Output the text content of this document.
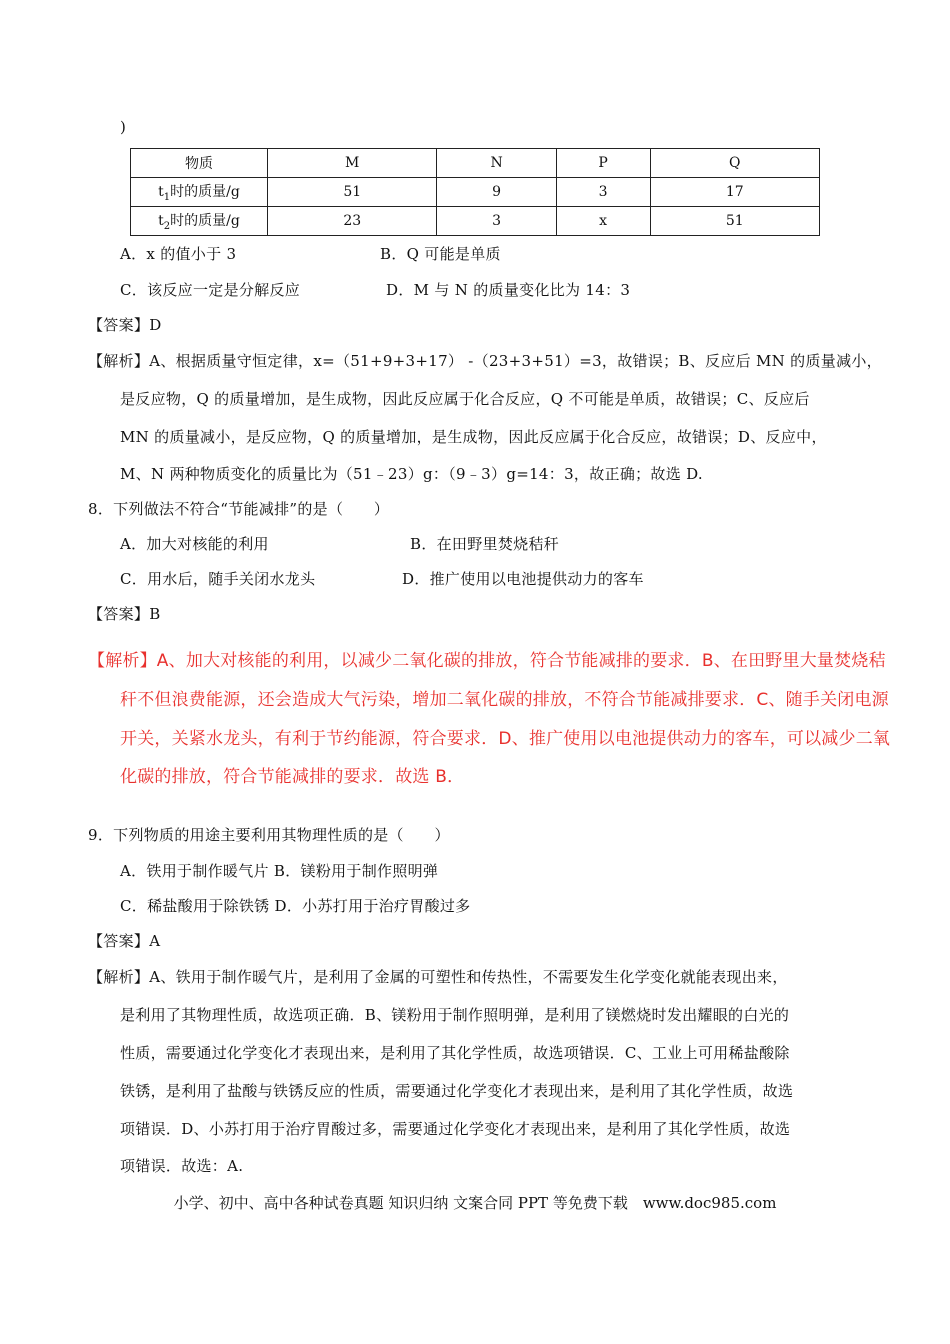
)
物质	M	N	P	Q
$t_1$时的质量/g	51	9	3	17
$t_2$时的质量/g	23	3	x	51
A．x 的值小于 3	B．Q 可能是单质
C．该反应一定是分解反应	D．M 与 N 的质量变化比为 14：3
【答案】D
【解析】A、根据质量守恒定律，x=（51+9+3+17） -（23+3+51）=3，故错误；B、反应后 MN 的质量减小，
是反应物，Q 的质量增加，是生成物，因此反应属于化合反应，Q 不可能是单质，故错误；C、反应后
MN 的质量减小，是反应物，Q 的质量增加，是生成物，因此反应属于化合反应，故错误；D、反应中，
M、N 两种物质变化的质量比为（51﹣23）g：（9﹣3）g=14：3，故正确；故选 D.
8．下列做法不符合“节能减排”的是（　　）
A．加大对核能的利用	B．在田野里焚烧秸秆
C．用水后，随手关闭水龙头	D．推广使用以电池提供动力的客车
【答案】B
【解析】A、加大对核能的利用，以减少二氧化碳的排放，符合节能减排的要求．B、在田野里大量焚烧秸
秆不但浪费能源，还会造成大气污染，增加二氧化碳的排放，不符合节能减排要求．C、随手关闭电源
开关，关紧水龙头，有利于节约能源，符合要求．D、推广使用以电池提供动力的客车，可以减少二氧
化碳的排放，符合节能减排的要求．故选 B．
9．下列物质的用途主要利用其物理性质的是（　　）
A．铁用于制作暖气片 B．镁粉用于制作照明弹
C．稀盐酸用于除铁锈 D．小苏打用于治疗胃酸过多
【答案】A
【解析】A、铁用于制作暖气片，是利用了金属的可塑性和传热性，不需要发生化学变化就能表现出来，
是利用了其物理性质，故选项正确．B、镁粉用于制作照明弹，是利用了镁燃烧时发出耀眼的白光的
性质，需要通过化学变化才表现出来，是利用了其化学性质，故选项错误．C、工业上可用稀盐酸除
铁锈，是利用了盐酸与铁锈反应的性质，需要通过化学变化才表现出来，是利用了其化学性质，故选
项错误．D、小苏打用于治疗胃酸过多，需要通过化学变化才表现出来，是利用了其化学性质，故选
项错误．故选：A.
小学、初中、高中各种试卷真题 知识归纳 文案合同 PPT 等免费下载　www.doc985.com
